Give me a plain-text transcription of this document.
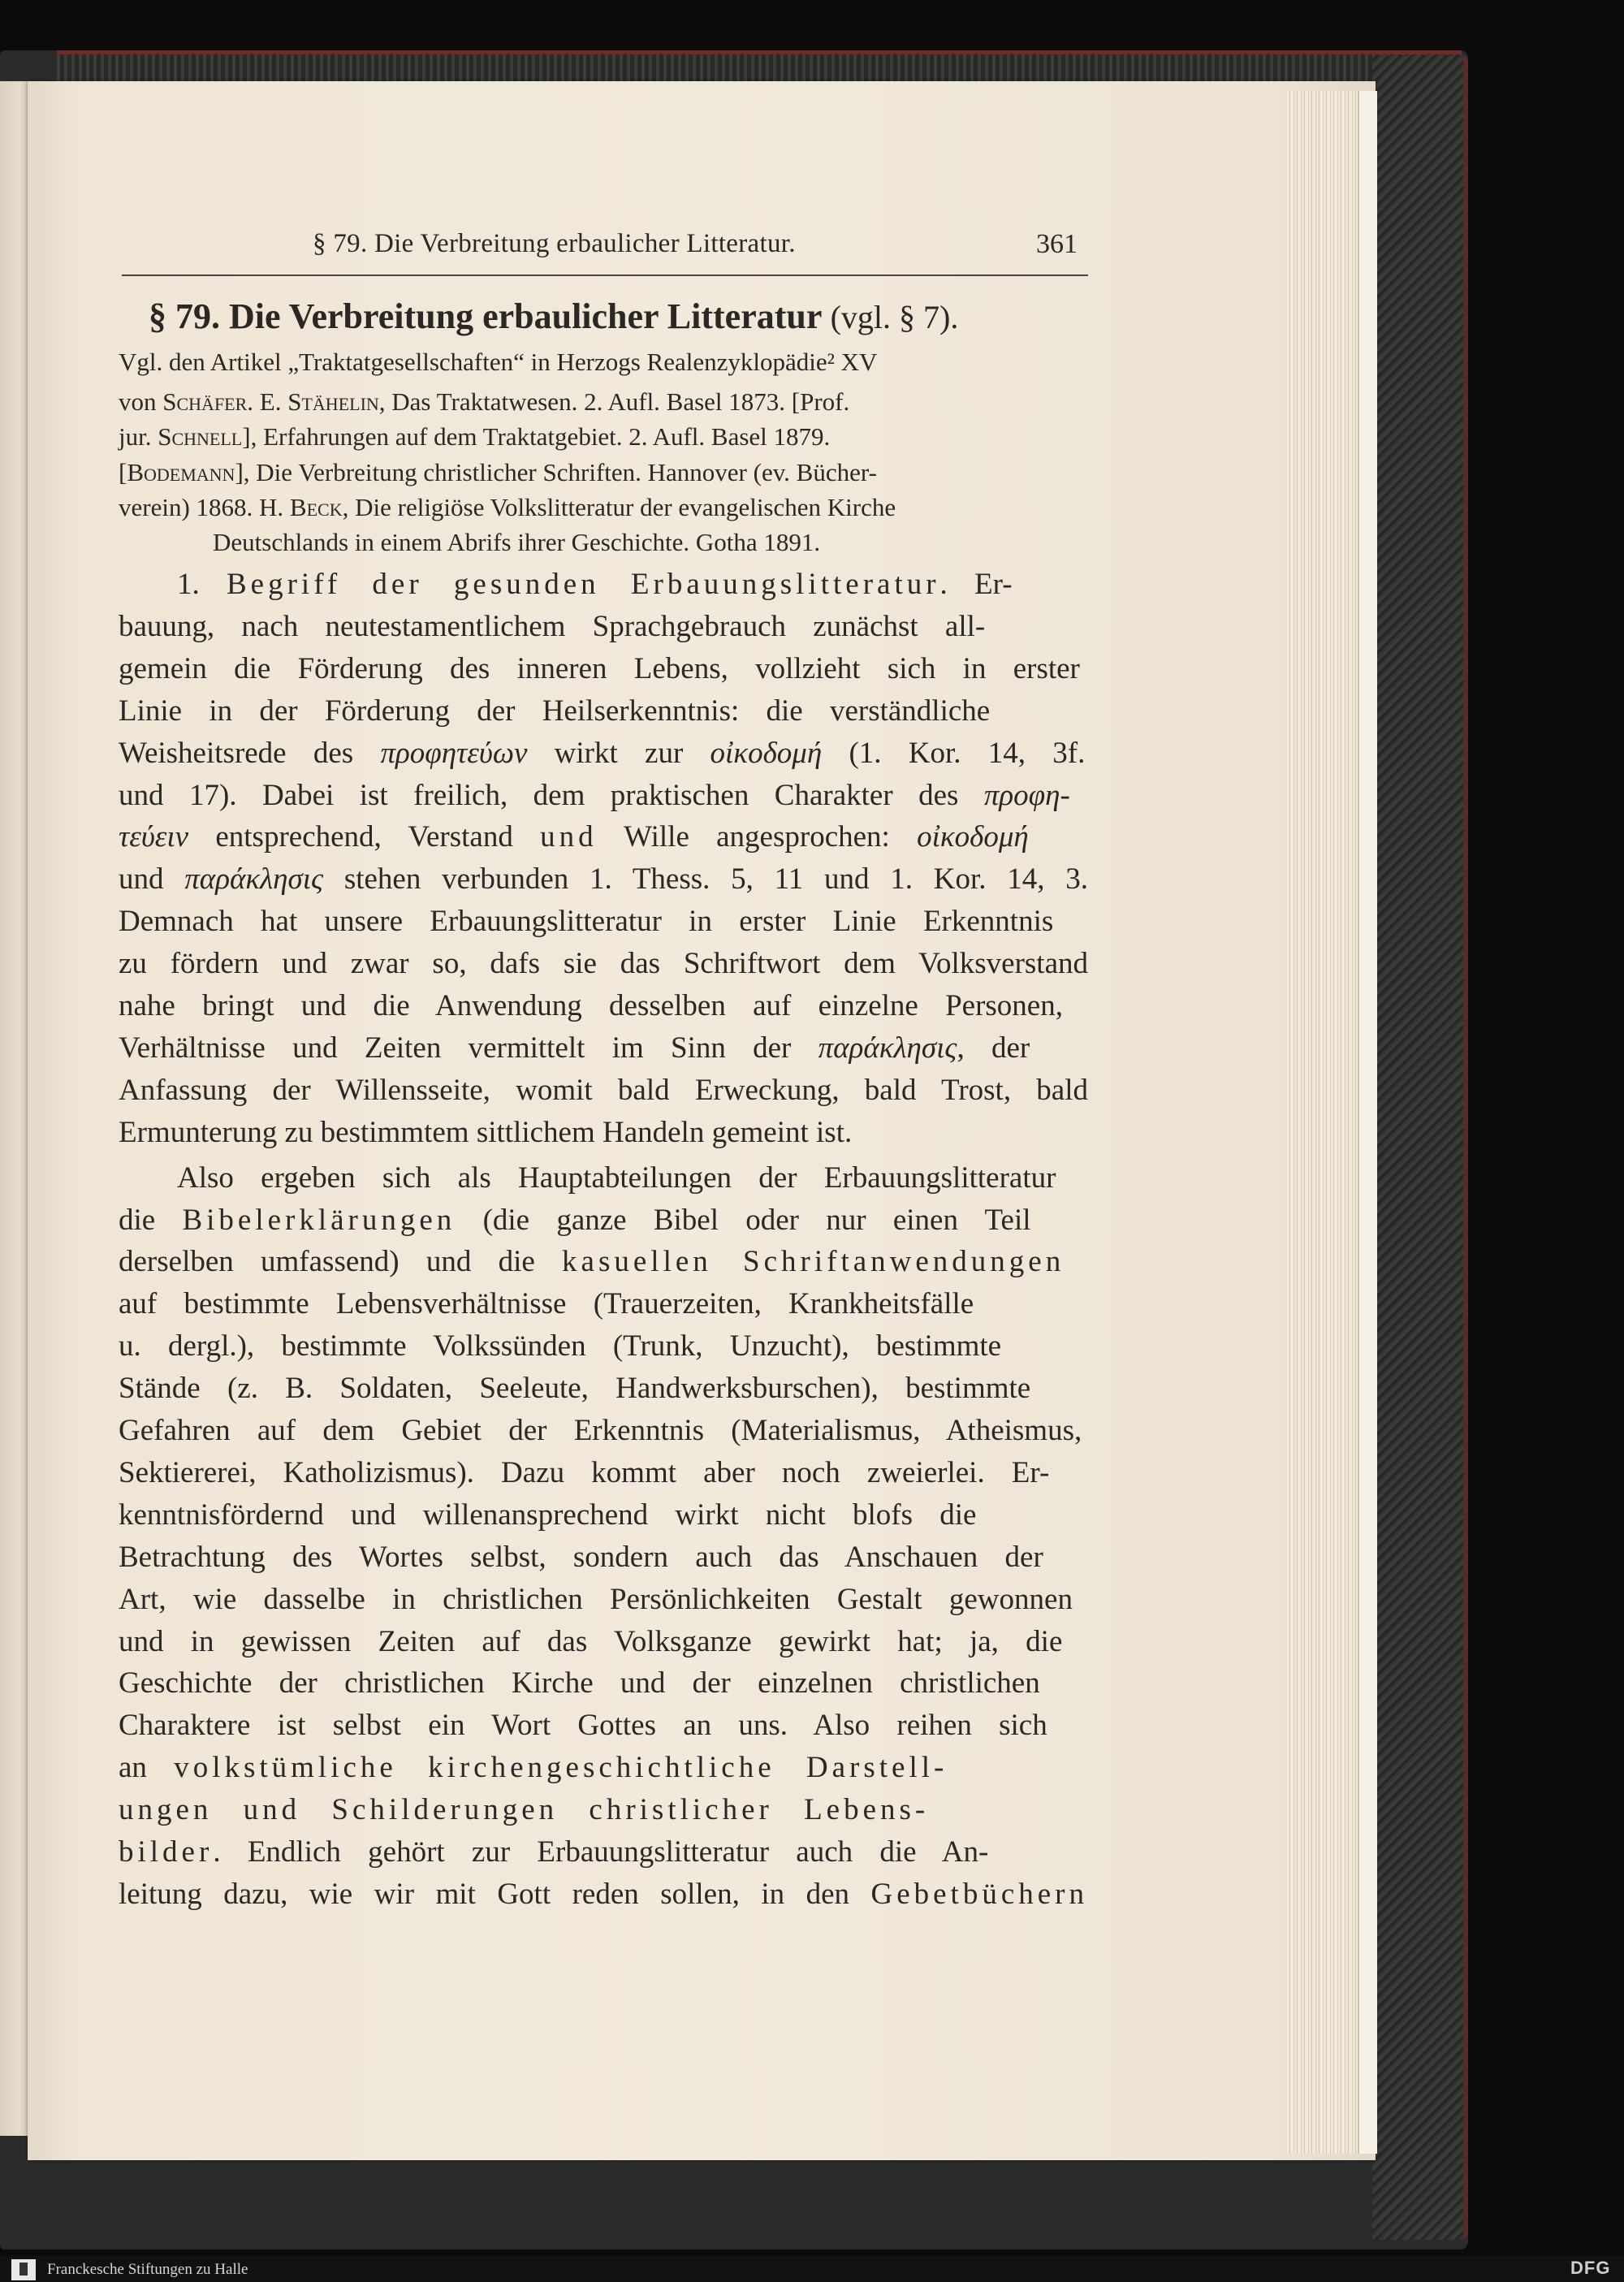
§ 79. Die Verbreitung erbaulicher Litteratur.	361
§ 79. Die Verbreitung erbaulicher Litteratur (vgl. § 7).
Vgl. den Artikel „Traktatgesellschaften“ in Herzogs Realenzyklopädie² XV
von Schäfer. E. Stähelin, Das Traktatwesen. 2. Aufl. Basel 1873. [Prof.
jur. Schnell], Erfahrungen auf dem Traktatgebiet. 2. Aufl. Basel 1879.
[Bodemann], Die Verbreitung christlicher Schriften. Hannover (ev. Bücher-
verein) 1868. H. Beck, Die religiöse Volkslitteratur der evangelischen Kirche
Deutschlands in einem Abrifs ihrer Geschichte. Gotha 1891.
1. Begriff der gesunden Erbauungslitteratur. Er-
bauung, nach neutestamentlichem Sprachgebrauch zunächst all-
gemein die Förderung des inneren Lebens, vollzieht sich in erster
Linie in der Förderung der Heilserkenntnis: die verständliche
Weisheitsrede des προφητεύων wirkt zur οἰκοδομή (1. Kor. 14, 3f.
und 17). Dabei ist freilich, dem praktischen Charakter des προφη-
τεύειν entsprechend, Verstand und Wille angesprochen: οἰκοδομή
und παράκλησις stehen verbunden 1. Thess. 5, 11 und 1. Kor. 14, 3.
Demnach hat unsere Erbauungslitteratur in erster Linie Erkenntnis
zu fördern und zwar so, dafs sie das Schriftwort dem Volksverstand
nahe bringt und die Anwendung desselben auf einzelne Personen,
Verhältnisse und Zeiten vermittelt im Sinn der παράκλησις, der
Anfassung der Willensseite, womit bald Erweckung, bald Trost, bald
Ermunterung zu bestimmtem sittlichem Handeln gemeint ist.
Also ergeben sich als Hauptabteilungen der Erbauungslitteratur
die Bibelerklärungen (die ganze Bibel oder nur einen Teil
derselben umfassend) und die kasuellen Schriftanwendungen
auf bestimmte Lebensverhältnisse (Trauerzeiten, Krankheitsfälle
u. dergl.), bestimmte Volkssünden (Trunk, Unzucht), bestimmte
Stände (z. B. Soldaten, Seeleute, Handwerksburschen), bestimmte
Gefahren auf dem Gebiet der Erkenntnis (Materialismus, Atheismus,
Sektiererei, Katholizismus). Dazu kommt aber noch zweierlei. Er-
kenntnisfördernd und willenansprechend wirkt nicht blofs die
Betrachtung des Wortes selbst, sondern auch das Anschauen der
Art, wie dasselbe in christlichen Persönlichkeiten Gestalt gewonnen
und in gewissen Zeiten auf das Volksganze gewirkt hat; ja, die
Geschichte der christlichen Kirche und der einzelnen christlichen
Charaktere ist selbst ein Wort Gottes an uns. Also reihen sich
an volkstümliche kirchengeschichtliche Darstell-
ungen und Schilderungen christlicher Lebens-
bilder. Endlich gehört zur Erbauungslitteratur auch die An-
leitung dazu, wie wir mit Gott reden sollen, in den Gebetbüchern
Franckesche Stiftungen zu Halle	DFG
